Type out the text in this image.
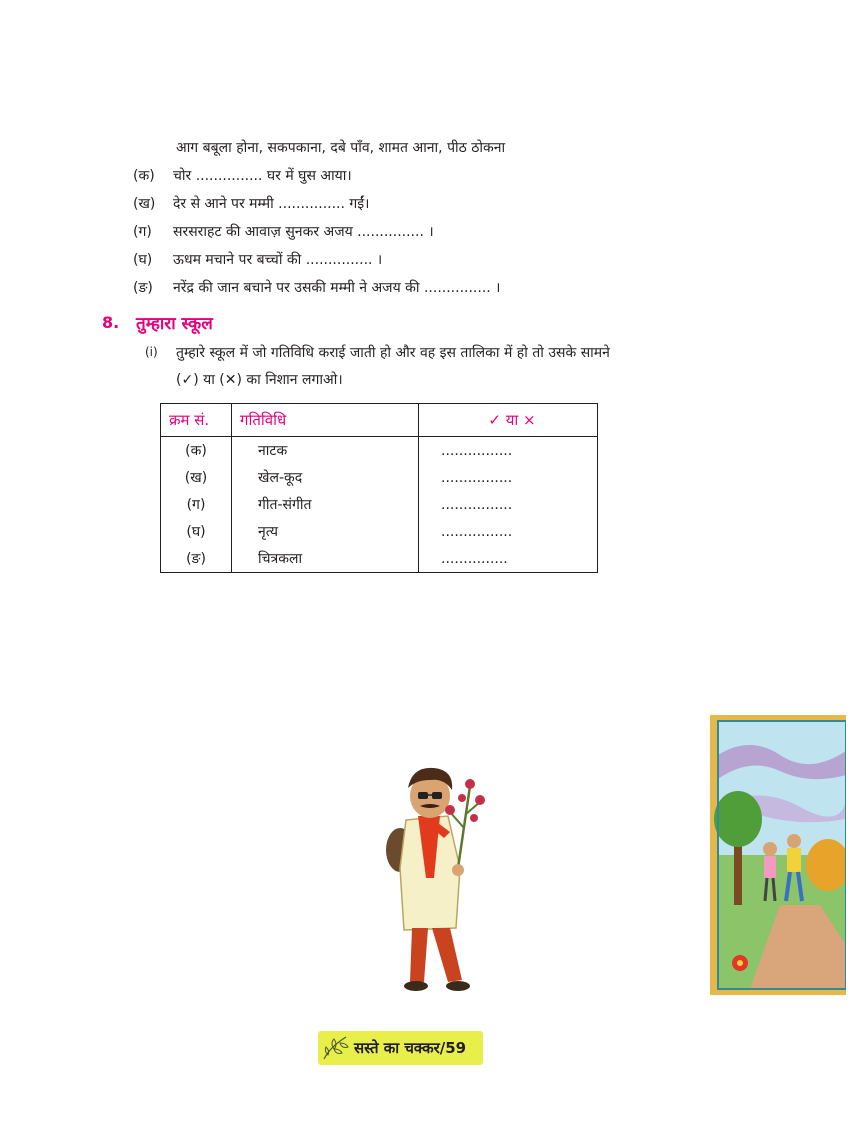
आग बबूला होना, सकपकाना, दबे पाँव, शामत आना, पीठ ठोकना
(क) चोर ............... घर में घुस आया।
(ख) देर से आने पर मम्मी ............... गईं।
(ग) सरसराहट की आवाज़ सुनकर अजय ............... ।
(घ) ऊधम मचाने पर बच्चों की ............... ।
(ङ) नरेंद्र की जान बचाने पर उसकी मम्मी ने अजय की ............... ।
8. तुम्हारा स्कूल
(i) तुम्हारे स्कूल में जो गतिविधि कराई जाती हो और वह इस तालिका में हो तो उसके सामने
(✓) या (✕) का निशान लगाओ।
क्रम सं.	गतिविधि	✓ या ×
(क)	नाटक	................
(ख)	खेल-कूद	................
(ग)	गीत-संगीत	................
(घ)	नृत्य	................
(ङ)	चित्रकला	...............
सस्ते का चक्कर/59
